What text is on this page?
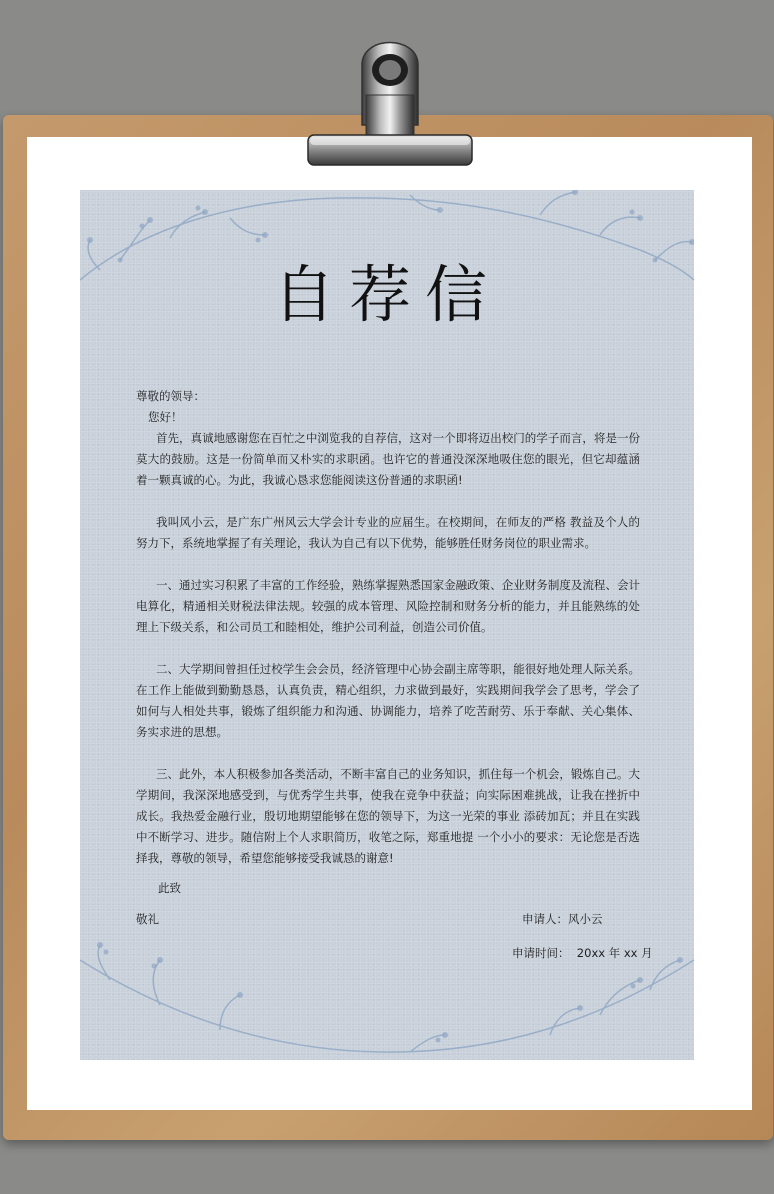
自荐信

尊敬的领导：

您好！

首先，真诚地感谢您在百忙之中浏览我的自荐信，这对一个即将迈出校门的学子而言，将是一份莫大的鼓励。这是一份简单而又朴实的求职函。也许它的普通没深深地吸住您的眼光，但它却蕴涵着一颗真诚的心。为此，我诚心恳求您能阅读这份普通的求职函!

我叫风小云，是广东广州风云大学会计专业的应届生。在校期间，在师友的严格 教益及个人的努力下，系统地掌握了有关理论，我认为自己有以下优势，能够胜任财务岗位的职业需求。

一、通过实习积累了丰富的工作经验，熟练掌握熟悉国家金融政策、企业财务制度及流程、会计电算化，精通相关财税法律法规。较强的成本管理、风险控制和财务分析的能力，并且能熟练的处理上下级关系，和公司员工和睦相处，维护公司利益，创造公司价值。

二、大学期间曾担任过校学生会会员，经济管理中心协会副主席等职，能很好地处理人际关系。在工作上能做到勤勤恳恳，认真负责，精心组织，力求做到最好，实践期间我学会了思考，学会了如何与人相处共事，锻炼了组织能力和沟通、协调能力，培养了吃苦耐劳、乐于奉献、关心集体、务实求进的思想。

三、此外，本人积极参加各类活动，不断丰富自己的业务知识，抓住每一个机会，锻炼自己。大学期间，我深深地感受到，与优秀学生共事，使我在竞争中获益；向实际困难挑战，让我在挫折中 成长。我热爱金融行业，殷切地期望能够在您的领导下，为这一光荣的事业 添砖加瓦；并且在实践中不断学习、进步。随信附上个人求职简历，收笔之际，郑重地提 一个小小的要求：无论您是否选择我，尊敬的领导，希望您能够接受我诚恳的谢意!

此致
敬礼	申请人：风小云
申请时间：  20xx 年 xx 月
